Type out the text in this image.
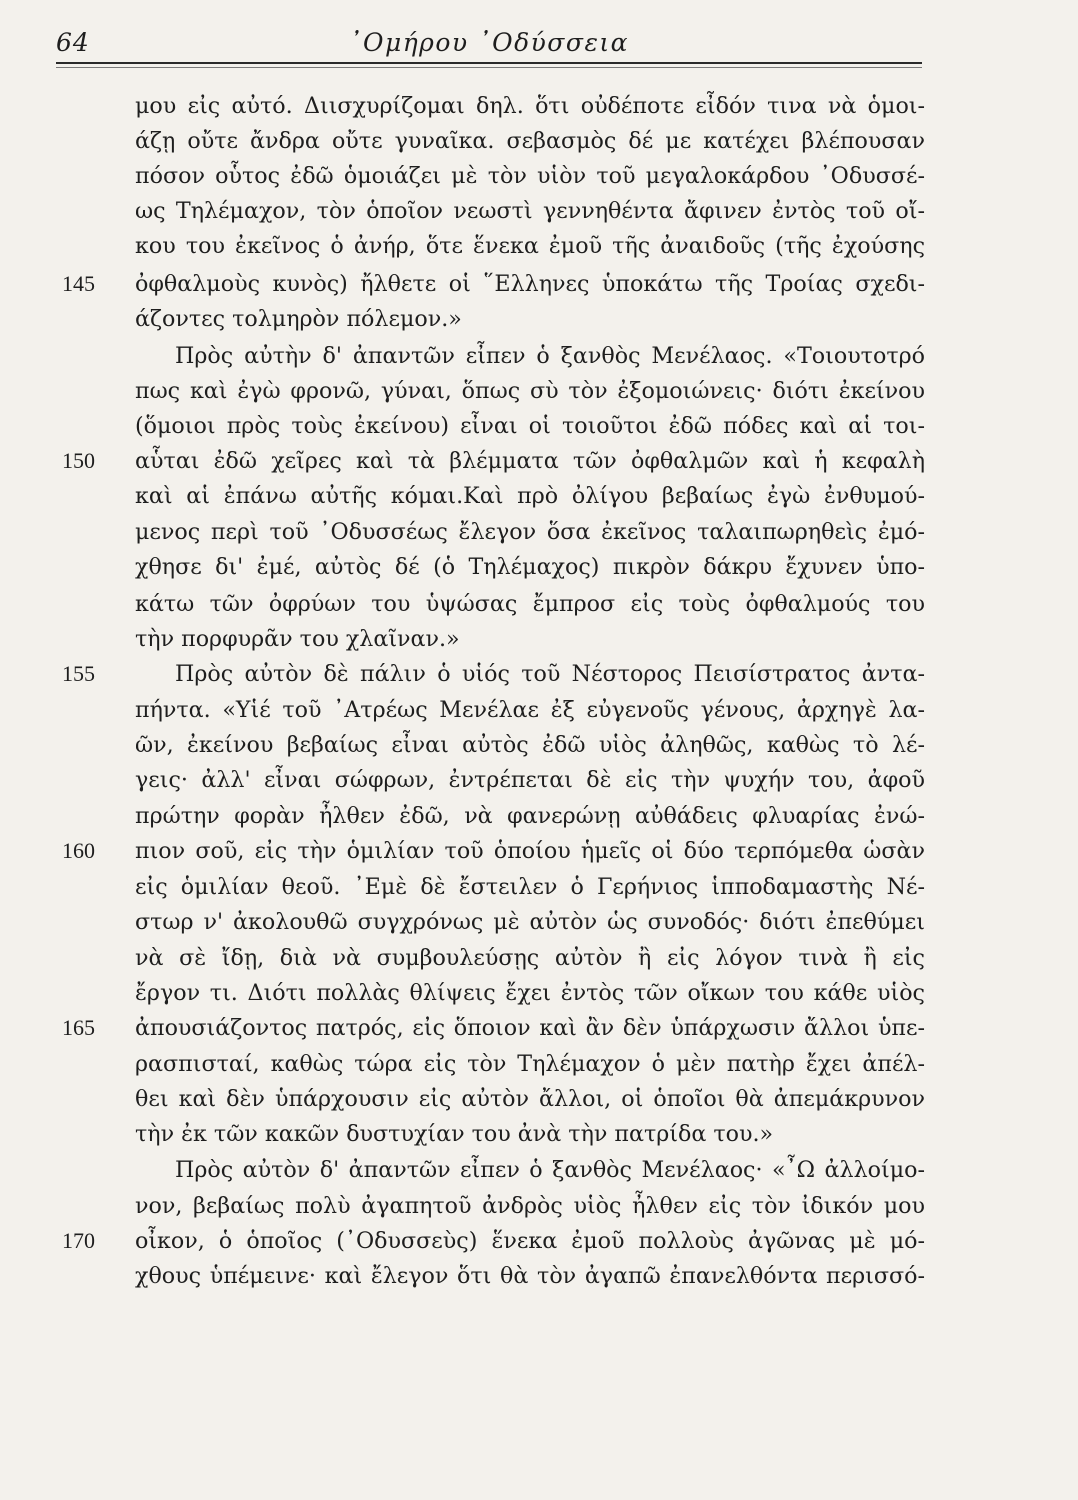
64	᾿Ομήρου ᾿Οδύσσεια
μου εἰς αὐτό. Διισχυρίζομαι δηλ. ὅτι οὐδέποτε εἶδόν τινα νὰ ὁμοι-
άζῃ οὔτε ἄνδρα οὔτε γυναῖκα. σεβασμὸς δέ με κατέχει βλέπουσαν
πόσον οὗτος ἐδῶ ὁμοιάζει μὲ τὸν υἱὸν τοῦ μεγαλοκάρδου ᾿Οδυσσέ-
ως Τηλέμαχον, τὸν ὁποῖον νεωστὶ γεννηθέντα ἄφινεν ἐντὸς τοῦ οἴ-
κου του ἐκεῖνος ὁ ἀνήρ, ὅτε ἕνεκα ἐμοῦ τῆς ἀναιδοῦς (τῆς ἐχούσης
ὀφθαλμοὺς κυνὸς) ἤλθετε οἱ ῞Ελληνες ὑποκάτω τῆς Τροίας σχεδι-
άζοντες τολμηρὸν πόλεμον.»
Πρὸς αὐτὴν δ' ἀπαντῶν εἶπεν ὁ ξανθὸς Μενέλαος. «Τοιουτοτρό
πως καὶ ἐγὼ φρονῶ, γύναι, ὅπως σὺ τὸν ἐξομοιώνεις· διότι ἐκείνου
(ὅμοιοι πρὸς τοὺς ἐκείνου) εἶναι οἱ τοιοῦτοι ἐδῶ πόδες καὶ αἱ τοι-
αὗται ἐδῶ χεῖρες καὶ τὰ βλέμματα τῶν ὀφθαλμῶν καὶ ἡ κεφαλὴ
καὶ αἱ ἐπάνω αὐτῆς κόμαι.Καὶ πρὸ ὀλίγου βεβαίως ἐγὼ ἐνθυμού-
μενος περὶ τοῦ ᾿Οδυσσέως ἔλεγον ὅσα ἐκεῖνος ταλαιπωρηθεὶς ἐμό-
χθησε δι' ἐμέ, αὐτὸς δέ (ὁ Τηλέμαχος) πικρὸν δάκρυ ἔχυνεν ὑπο-
κάτω τῶν ὀφρύων του ὑψώσας ἔμπροσ εἰς τοὺς ὀφθαλμούς του
τὴν πορφυρᾶν του χλαῖναν.»
Πρὸς αὐτὸν δὲ πάλιν ὁ υἱός τοῦ Νέστορος Πεισίστρατος ἀντα-
πήντα. «Υἱέ τοῦ ᾿Ατρέως Μενέλαε ἐξ εὐγενοῦς γένους, ἀρχηγὲ λα-
ῶν, ἐκείνου βεβαίως εἶναι αὐτὸς ἐδῶ υἱὸς ἀληθῶς, καθὼς τὸ λέ-
γεις· ἀλλ' εἶναι σώφρων, ἐντρέπεται δὲ εἰς τὴν ψυχήν του, ἀφοῦ
πρώτην φορὰν ἦλθεν ἐδῶ, νὰ φανερώνῃ αὐθάδεις φλυαρίας ἐνώ-
πιον σοῦ, εἰς τὴν ὁμιλίαν τοῦ ὁποίου ἡμεῖς οἱ δύο τερπόμεθα ὡσὰν
εἰς ὁμιλίαν θεοῦ. ᾿Εμὲ δὲ ἔστειλεν ὁ Γερήνιος ἱπποδαμαστὴς Νέ-
στωρ ν' ἀκολουθῶ συγχρόνως μὲ αὐτὸν ὡς συνοδός· διότι ἐπεθύμει
νὰ σὲ ἴδῃ, διὰ νὰ συμβουλεύσῃς αὐτὸν ἢ εἰς λόγον τινὰ ἢ εἰς
ἔργον τι. Διότι πολλὰς θλίψεις ἔχει ἐντὸς τῶν οἴκων του κάθε υἱὸς
ἀπουσιάζοντος πατρός, εἰς ὅποιον καὶ ἂν δὲν ὑπάρχωσιν ἄλλοι ὑπε-
ρασπισταί, καθὼς τώρα εἰς τὸν Τηλέμαχον ὁ μὲν πατὴρ ἔχει ἀπέλ-
θει καὶ δὲν ὑπάρχουσιν εἰς αὐτὸν ἄλλοι, οἱ ὁποῖοι θὰ ἀπεμάκρυνον
τὴν ἐκ τῶν κακῶν δυστυχίαν του ἀνὰ τὴν πατρίδα του.»
Πρὸς αὐτὸν δ' ἀπαντῶν εἶπεν ὁ ξανθὸς Μενέλαος· «῏Ω ἀλλοίμο-
νον, βεβαίως πολὺ ἀγαπητοῦ ἀνδρὸς υἱὸς ἦλθεν εἰς τὸν ἰδικόν μου
οἶκον, ὁ ὁποῖος (᾿Οδυσσεὺς) ἕνεκα ἐμοῦ πολλοὺς ἀγῶνας μὲ μό-
χθους ὑπέμεινε· καὶ ἔλεγον ὅτι θὰ τὸν ἀγαπῶ ἐπανελθόντα περισσό-
145
150
155
160
165
170
